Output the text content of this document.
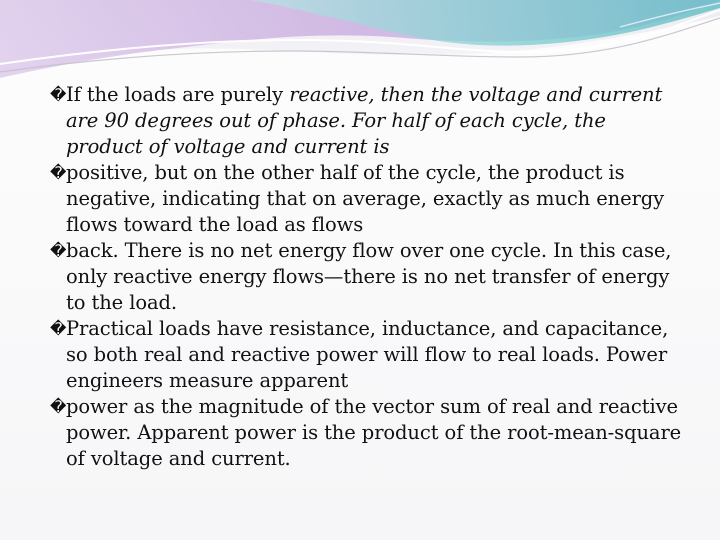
�If the loads are purely reactive, then the voltage and current are 90 degrees out of phase. For half of each cycle, the product of voltage and current is

�positive, but on the other half of the cycle, the product is negative, indicating that on average, exactly as much energy flows toward the load as flows

�back. There is no net energy flow over one cycle. In this case, only reactive energy flows—there is no net transfer of energy to the load.

�Practical loads have resistance, inductance, and capacitance, so both real and reactive power will flow to real loads. Power engineers measure apparent

�power as the magnitude of the vector sum of real and reactive power. Apparent power is the product of the root-mean-square of voltage and current.
